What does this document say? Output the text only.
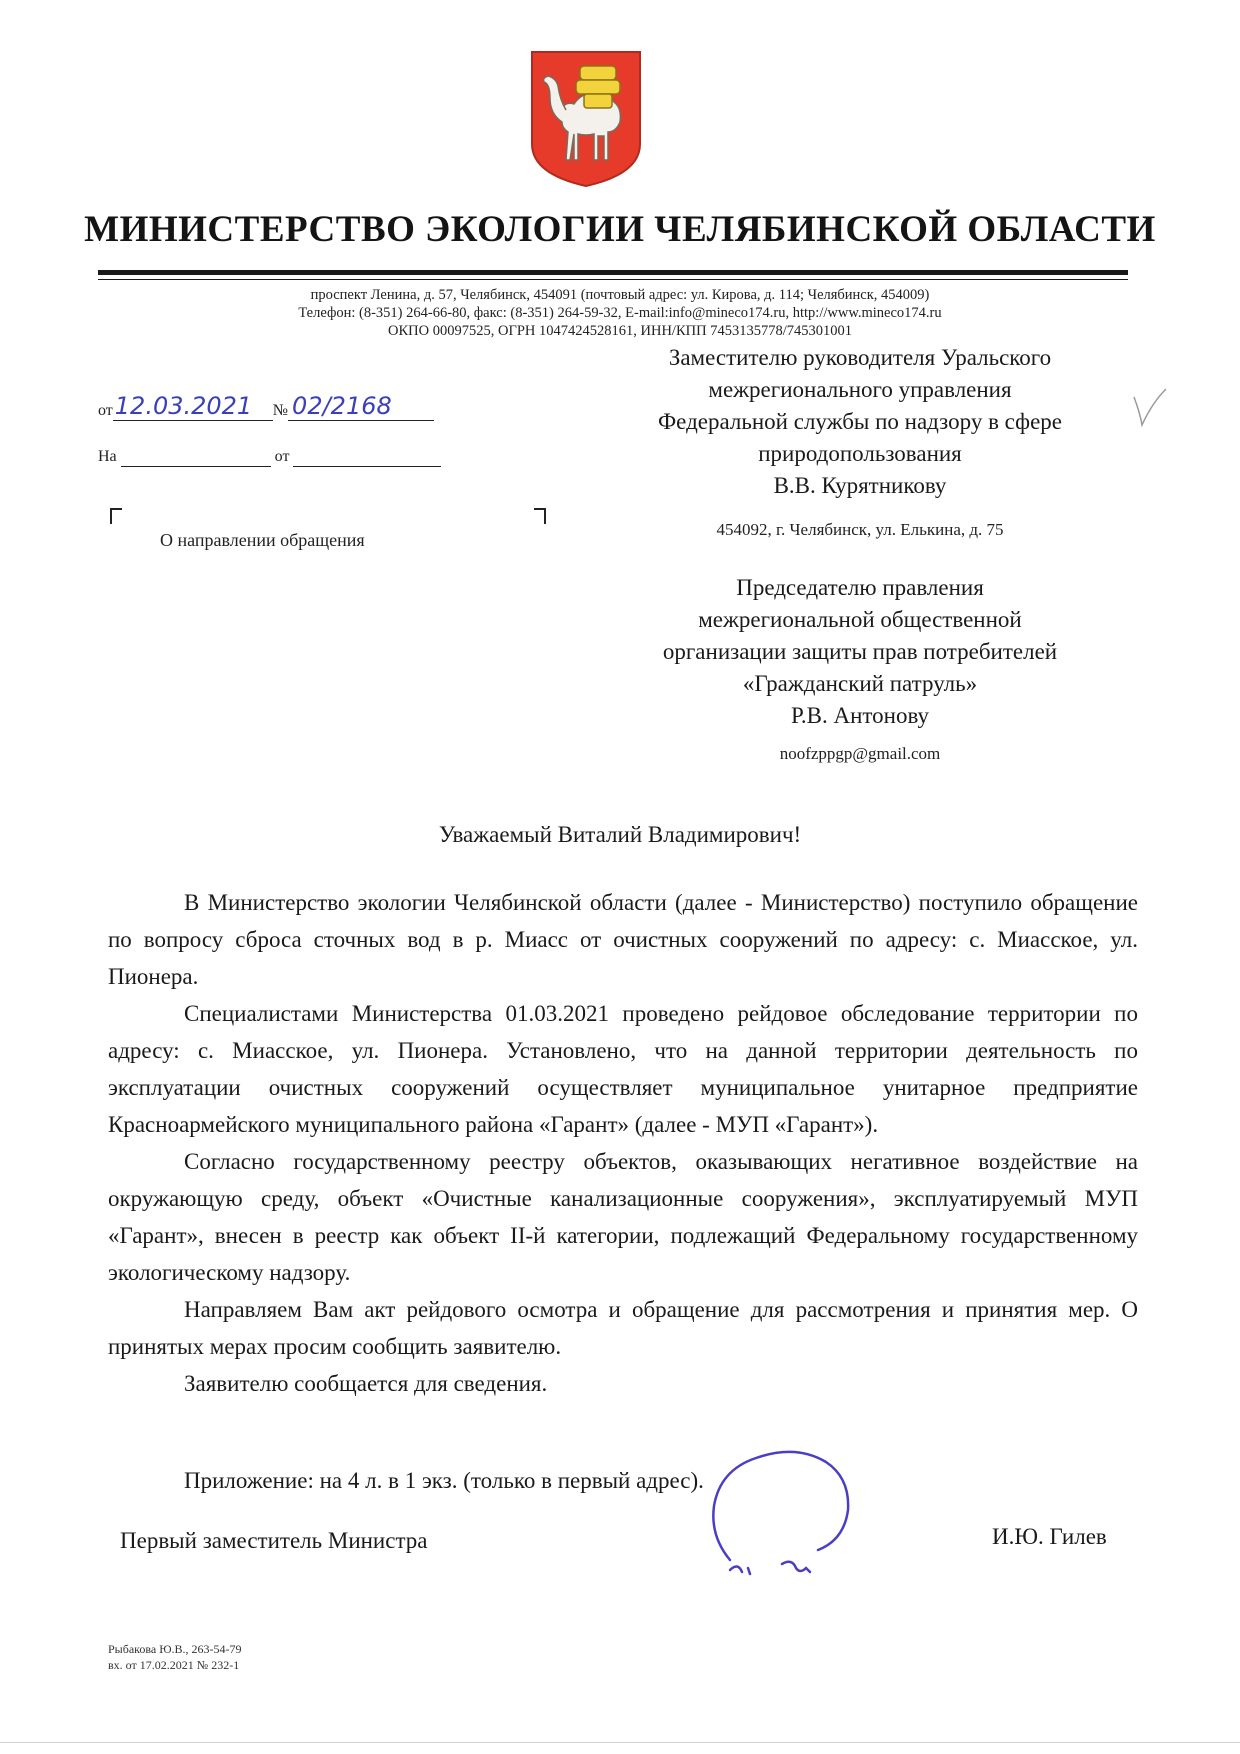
МИНИСТЕРСТВО ЭКОЛОГИИ ЧЕЛЯБИНСКОЙ ОБЛАСТИ
проспект Ленина, д. 57, Челябинск, 454091 (почтовый адрес: ул. Кирова, д. 114; Челябинск, 454009)
Телефон: (8-351) 264-66-80, факс: (8-351) 264-59-32, E-mail:info@mineco174.ru, http://www.mineco174.ru
ОКПО 00097525, ОГРН 1047424528161, ИНН/КПП 7453135778/745301001
от 12.03.2021 № 02/2168

На	от
О направлении обращения
Заместителю руководителя Уральского
межрегионального управления
Федеральной службы по надзору в сфере
природопользования
В.В. Курятникову
454092, г. Челябинск, ул. Елькина, д. 75
Председателю правления
межрегиональной общественной
организации защиты прав потребителей
«Гражданский патруль»
Р.В. Антонову
noofzppgp@gmail.com
Уважаемый Виталий Владимирович!

В Министерство экологии Челябинской области (далее - Министерство) поступило обращение по вопросу сброса сточных вод в р. Миасс от очистных сооружений по адресу: с. Миасское, ул. Пионера.

Специалистами Министерства 01.03.2021 проведено рейдовое обследование территории по адресу: с. Миасское, ул. Пионера. Установлено, что на данной территории деятельность по эксплуатации очистных сооружений осуществляет муниципальное унитарное предприятие Красноармейского муниципального района «Гарант» (далее - МУП «Гарант»).

Согласно государственному реестру объектов, оказывающих негативное воздействие на окружающую среду, объект «Очистные канализационные сооружения», эксплуатируемый МУП «Гарант», внесен в реестр как объект II-й категории, подлежащий Федеральному государственному экологическому надзору.

Направляем Вам акт рейдового осмотра и обращение для рассмотрения и принятия мер. О принятых мерах просим сообщить заявителю.

Заявителю сообщается для сведения.

Приложение: на 4 л. в 1 экз. (только в первый адрес).
Первый заместитель Министра	И.Ю. Гилев
Рыбакова Ю.В., 263-54-79
вх. от 17.02.2021 № 232-1
